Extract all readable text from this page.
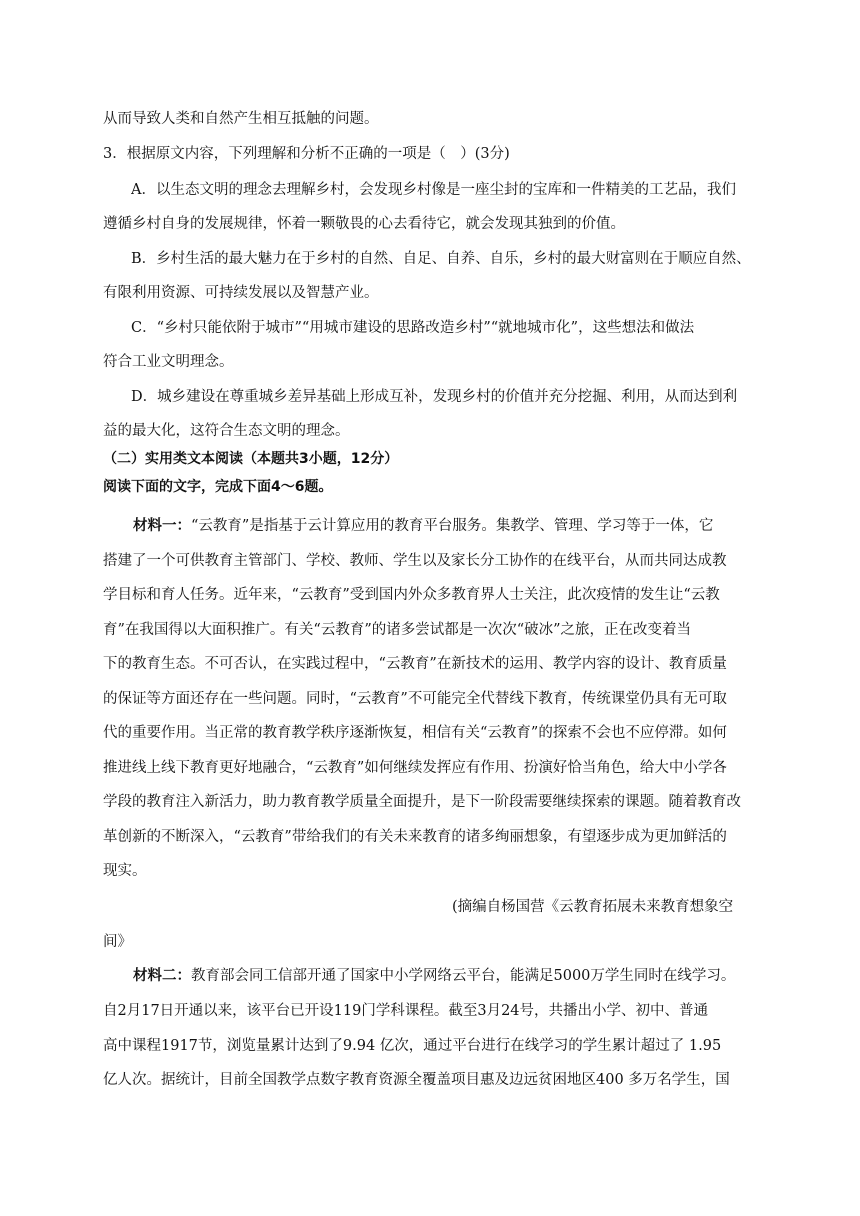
从而导致人类和自然产生相互抵触的问题。
3．根据原文内容，下列理解和分析不正确的一项是（　）(3分)
A．以生态文明的理念去理解乡村，会发现乡村像是一座尘封的宝库和一件精美的工艺品，我们
遵循乡村自身的发展规律，怀着一颗敬畏的心去看待它，就会发现其独到的价值。
B．乡村生活的最大魅力在于乡村的自然、自足、自养、自乐，乡村的最大财富则在于顺应自然、
有限利用资源、可持续发展以及智慧产业。
C．“乡村只能依附于城市”“用城市建设的思路改造乡村”“就地城市化”，这些想法和做法
符合工业文明理念。
D．城乡建设在尊重城乡差异基础上形成互补，发现乡村的价值并充分挖掘、利用，从而达到利
益的最大化，这符合生态文明的理念。
（二）实用类文本阅读（本题共3小题，12分）
阅读下面的文字，完成下面4～6题。
材料一：“云教育”是指基于云计算应用的教育平台服务。集教学、管理、学习等于一体，它
搭建了一个可供教育主管部门、学校、教师、学生以及家长分工协作的在线平台，从而共同达成教
学目标和育人任务。近年来，“云教育”受到国内外众多教育界人士关注，此次疫情的发生让“云教
育”在我国得以大面积推广。有关“云教育”的诸多尝试都是一次次“破冰”之旅，正在改变着当
下的教育生态。不可否认，在实践过程中，“云教育”在新技术的运用、教学内容的设计、教育质量
的保证等方面还存在一些问题。同时，“云教育”不可能完全代替线下教育，传统课堂仍具有无可取
代的重要作用。当正常的教育教学秩序逐渐恢复，相信有关“云教育”的探索不会也不应停滞。如何
推进线上线下教育更好地融合，“云教育”如何继续发挥应有作用、扮演好恰当角色，给大中小学各
学段的教育注入新活力，助力教育教学质量全面提升，是下一阶段需要继续探索的课题。随着教育改
革创新的不断深入，“云教育”带给我们的有关未来教育的诸多绚丽想象，有望逐步成为更加鲜活的
现实。
(摘编自杨国营《云教育拓展未来教育想象空
间》
材料二：教育部会同工信部开通了国家中小学网络云平台，能满足5000万学生同时在线学习。
自2月17日开通以来，该平台已开设119门学科课程。截至3月24号，共播出小学、初中、普通
高中课程1917节，浏览量累计达到了9.94 亿次，通过平台进行在线学习的学生累计超过了 1.95
亿人次。据统计，目前全国教学点数字教育资源全覆盖项目惠及边远贫困地区400 多万名学生，国
